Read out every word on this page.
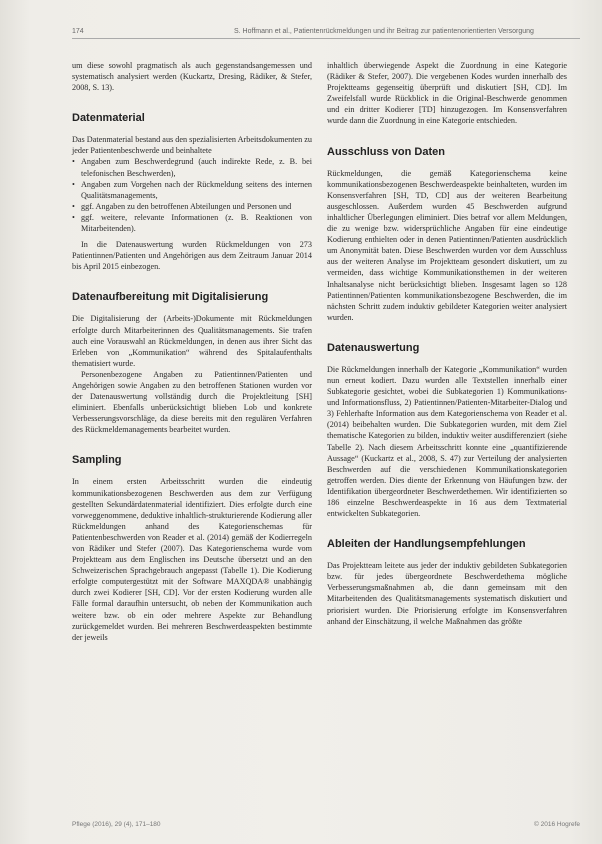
174	S. Hoffmann et al., Patientenrückmeldungen und ihr Beitrag zur patientenorientierten Versorgung

um diese sowohl pragmatisch als auch gegenstandsangemessen und systematisch analysiert werden (Kuckartz, Dresing, Rädiker, & Stefer, 2008, S. 13).

Datenmaterial

Das Datenmaterial bestand aus den spezialisierten Arbeitsdokumenten zu jeder Patientenbeschwerde und beinhaltete

• Angaben zum Beschwerdegrund (auch indirekte Rede, z. B. bei telefonischen Beschwerden),
• Angaben zum Vorgehen nach der Rückmeldung seitens des internen Qualitätsmanagements,
• ggf. Angaben zu den betroffenen Abteilungen und Personen und
• ggf. weitere, relevante Informationen (z. B. Reaktionen von Mitarbeitenden).

In die Datenauswertung wurden Rückmeldungen von 273 Patientinnen/Patienten und Angehörigen aus dem Zeitraum Januar 2014 bis April 2015 einbezogen.

Datenaufbereitung mit Digitalisierung

Die Digitalisierung der (Arbeits-)Dokumente mit Rückmeldungen erfolgte durch Mitarbeiterinnen des Qualitätsmanagements. Sie trafen auch eine Vorauswahl an Rückmeldungen, in denen aus ihrer Sicht das Erleben von „Kommunikation“ während des Spitalaufenthalts thematisiert wurde.

Personenbezogene Angaben zu Patientinnen/Patienten und Angehörigen sowie Angaben zu den betroffenen Stationen wurden vor der Datenauswertung vollständig durch die Projektleitung [SH] eliminiert. Ebenfalls unberücksichtigt blieben Lob und konkrete Verbesserungsvorschläge, da diese bereits mit den regulären Verfahren des Rückmeldemanagements bearbeitet wurden.

Sampling

In einem ersten Arbeitsschritt wurden die eindeutig kommunikationsbezogenen Beschwerden aus dem zur Verfügung gestellten Sekundärdatenmaterial identifiziert. Dies erfolgte durch eine vorweggenommene, deduktive inhaltlich-strukturierende Kodierung aller Rückmeldungen anhand des Kategorienschemas für Patientenbeschwerden von Reader et al. (2014) gemäß der Kodierregeln von Rädiker und Stefer (2007). Das Kategorienschema wurde vom Projektteam aus dem Englischen ins Deutsche übersetzt und an den Schweizerischen Sprachgebrauch angepasst (Tabelle 1). Die Kodierung erfolgte computergestützt mit der Software MAXQDA® unabhängig durch zwei Kodierer [SH, CD]. Vor der ersten Kodierung wurden alle Fälle formal daraufhin untersucht, ob neben der Kommunikation auch weitere bzw. ob ein oder mehrere Aspekte zur Behandlung zurückgemeldet wurden. Bei mehreren Beschwerdeaspekten bestimmte der jeweils

inhaltlich überwiegende Aspekt die Zuordnung in eine Kategorie (Rädiker & Stefer, 2007). Die vergebenen Kodes wurden innerhalb des Projektteams gegenseitig überprüft und diskutiert [SH, CD]. Im Zweifelsfall wurde Rückblick in die Original-Beschwerde genommen und ein dritter Kodierer [TD] hinzugezogen. Im Konsensverfahren wurde dann die Zuordnung in eine Kategorie entschieden.

Ausschluss von Daten

Rückmeldungen, die gemäß Kategorienschema keine kommunikationsbezogenen Beschwerdeaspekte beinhalteten, wurden im Konsensverfahren [SH, TD, CD] aus der weiteren Bearbeitung ausgeschlossen. Außerdem wurden 45 Beschwerden aufgrund inhaltlicher Überlegungen eliminiert. Dies betraf vor allem Meldungen, die zu wenige bzw. widersprüchliche Angaben für eine eindeutige Kodierung enthielten oder in denen Patientinnen/Patienten ausdrücklich um Anonymität baten. Diese Beschwerden wurden vor dem Ausschluss aus der weiteren Analyse im Projektteam gesondert diskutiert, um zu vermeiden, dass wichtige Kommunikationsthemen in der weiteren Inhaltsanalyse nicht berücksichtigt blieben. Insgesamt lagen so 128 Patientinnen/Patienten kommunikationsbezogene Beschwerden, die im nächsten Schritt zudem induktiv gebildeter Kategorien weiter analysiert wurden.

Datenauswertung

Die Rückmeldungen innerhalb der Kategorie „Kommunikation“ wurden nun erneut kodiert. Dazu wurden alle Textstellen innerhalb einer Subkategorie gesichtet, wobei die Subkategorien 1) Kommunikations- und Informationsfluss, 2) Patientinnen/Patienten-Mitarbeiter-Dialog und 3) Fehlerhafte Information aus dem Kategorienschema von Reader et al. (2014) beibehalten wurden. Die Subkategorien wurden, mit dem Ziel thematische Kategorien zu bilden, induktiv weiter ausdifferenziert (siehe Tabelle 2). Nach diesem Arbeitsschritt konnte eine „quantifizierende Aussage“ (Kuckartz et al., 2008, S. 47) zur Verteilung der analysierten Beschwerden auf die verschiedenen Kommunikationskategorien getroffen werden. Dies diente der Erkennung von Häufungen bzw. der Identifikation übergeordneter Beschwerdethemen. Wir identifizierten so 186 einzelne Beschwerdeaspekte in 16 aus dem Textmaterial entwickelten Subkategorien.

Ableiten der Handlungsempfehlungen

Das Projektteam leitete aus jeder der induktiv gebildeten Subkategorien bzw. für jedes übergeordnete Beschwerdethema mögliche Verbesserungsmaßnahmen ab, die dann gemeinsam mit den Mitarbeitenden des Qualitätsmanagements systematisch diskutiert und priorisiert wurden. Die Priorisierung erfolgte im Konsensverfahren anhand der Einschätzung, il welche Maßnahmen das größte

Pflege (2016), 29 (4), 171–180	© 2016 Hogrefe
